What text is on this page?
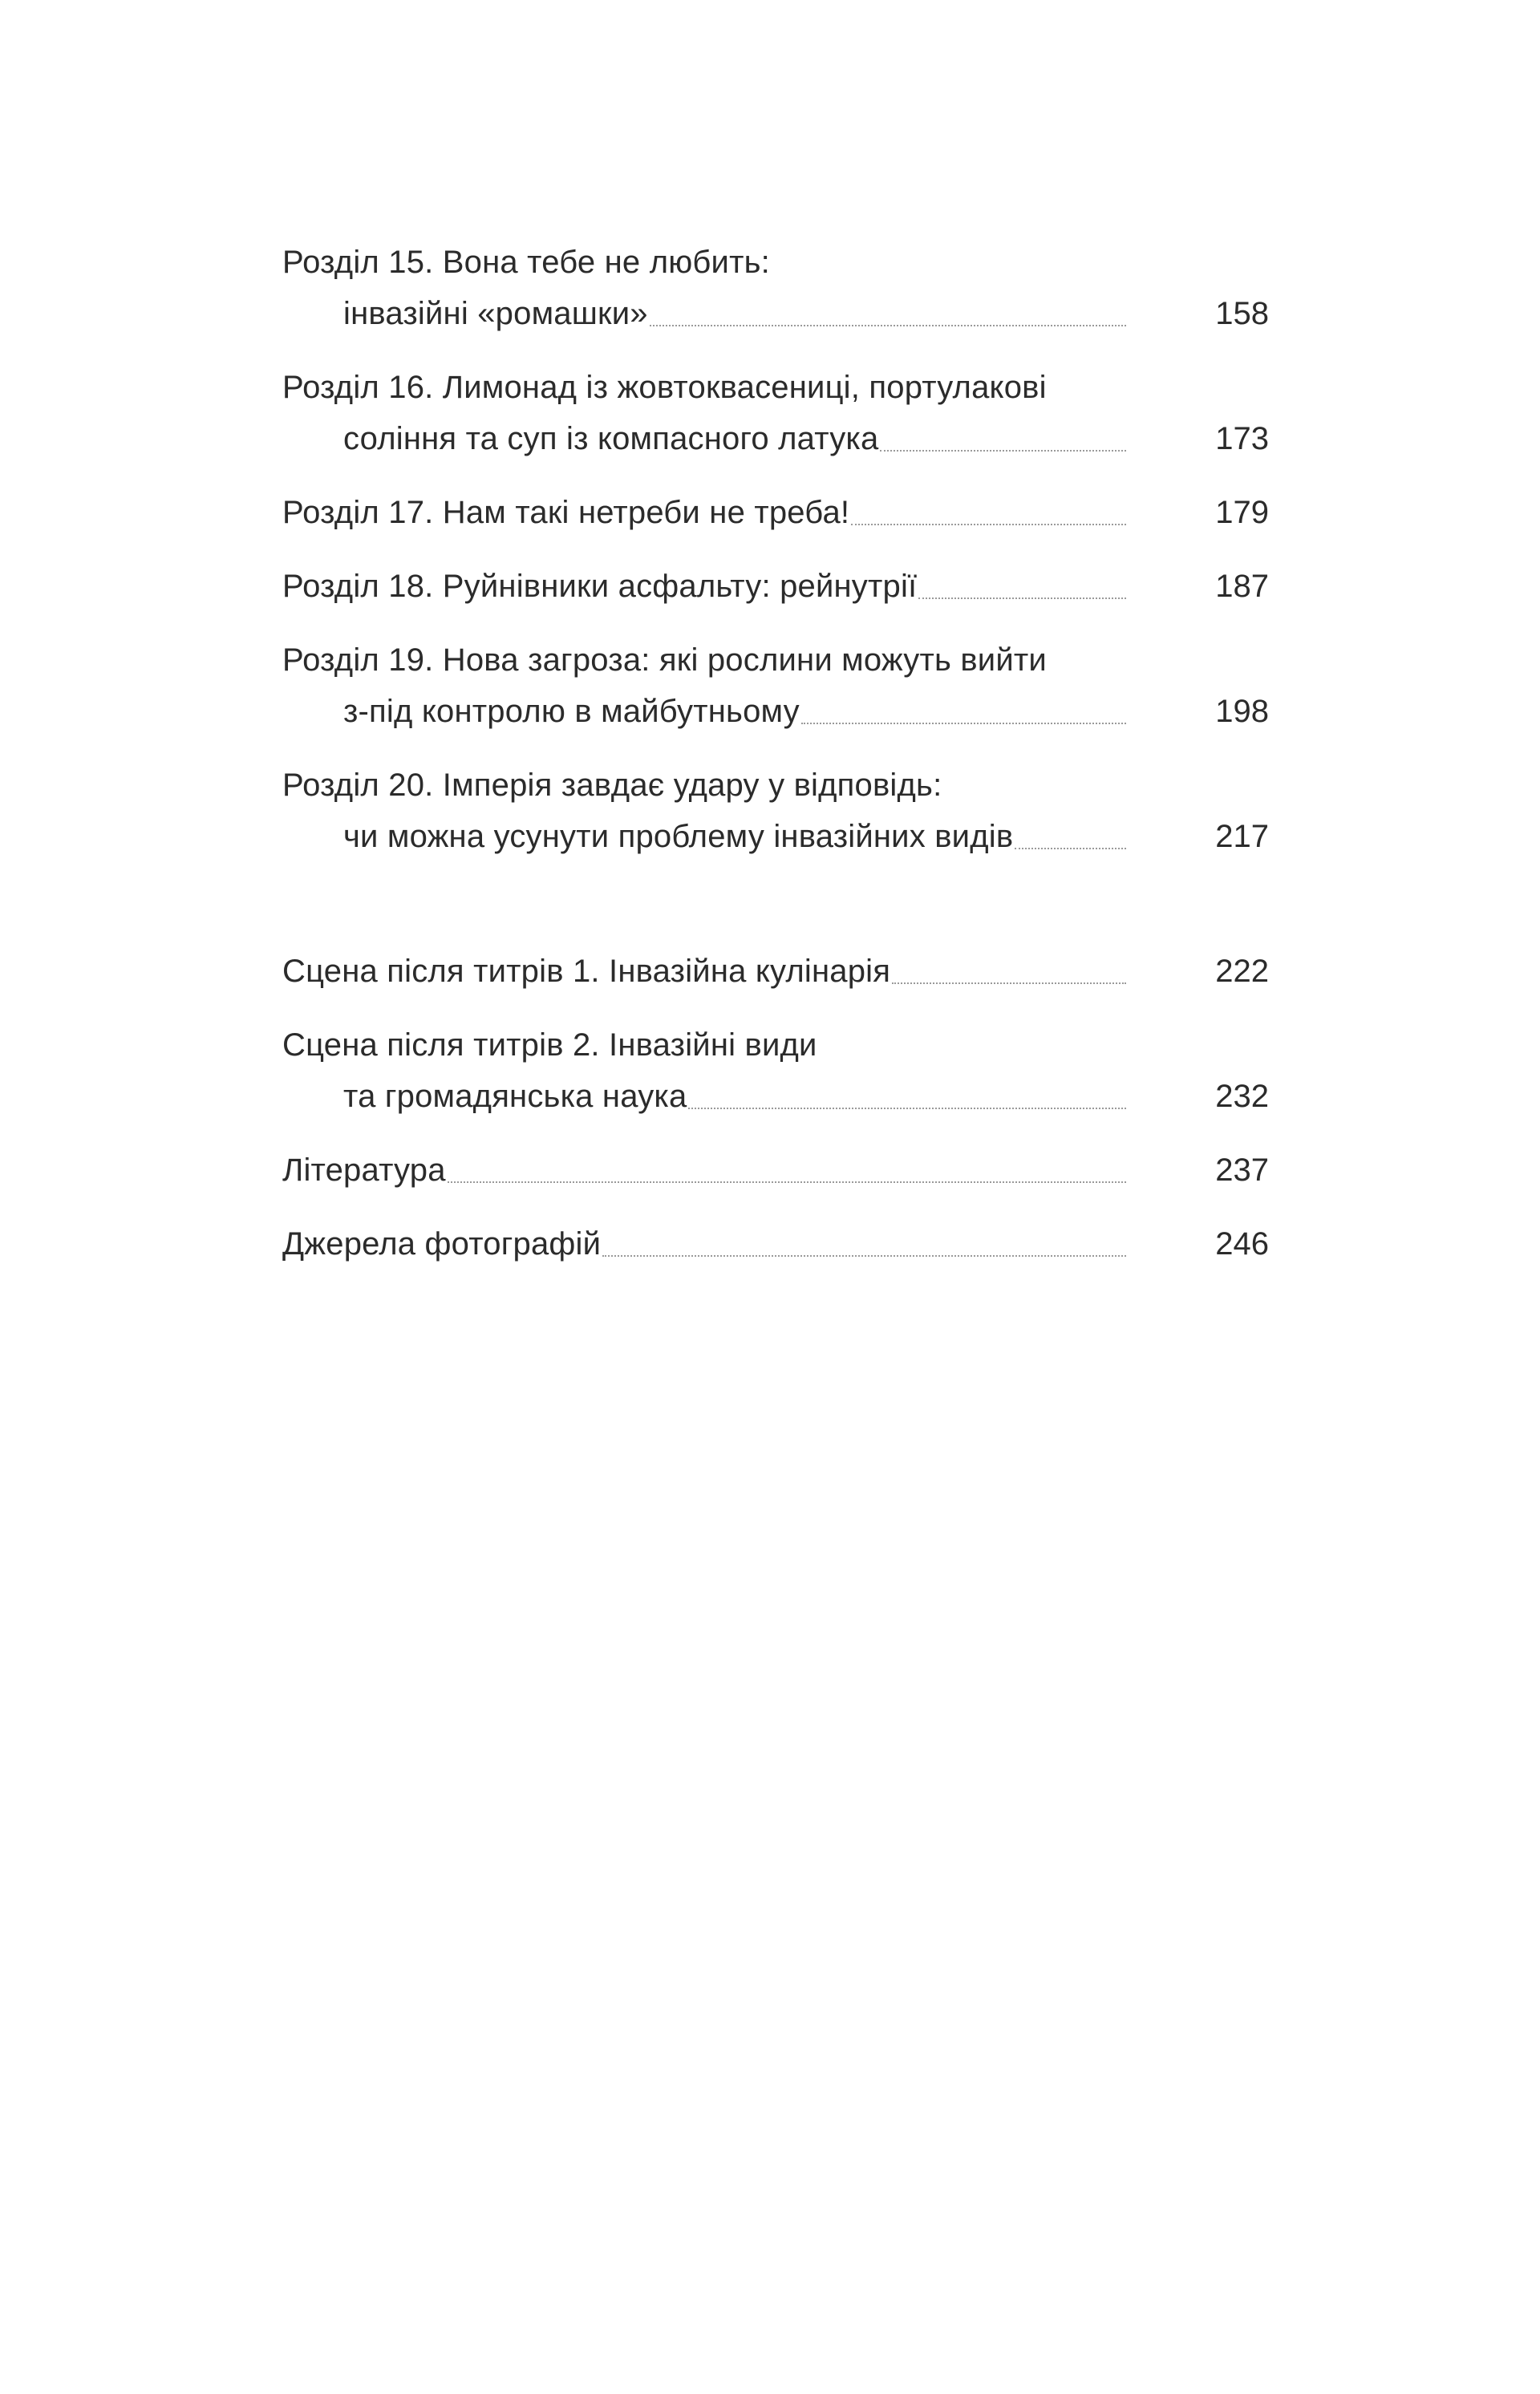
Розділ 15. Вона тебе не любить:
інвазійні «ромашки»	158
Розділ 16. Лимонад із жовтоквасениці, портулакові
соління та суп із компасного латука	173
Розділ 17. Нам такі нетреби не треба!	179
Розділ 18. Руйнівники асфальту: рейнутрії	187
Розділ 19. Нова загроза: які рослини можуть вийти
з-під контролю в майбутньому	198
Розділ 20. Імперія завдає удару у відповідь:
чи можна усунути проблему інвазійних видів	217
Сцена після титрів 1. Інвазійна кулінарія	222
Сцена після титрів 2. Інвазійні види
та громадянська наука	232
Література	237
Джерела фотографій	246
